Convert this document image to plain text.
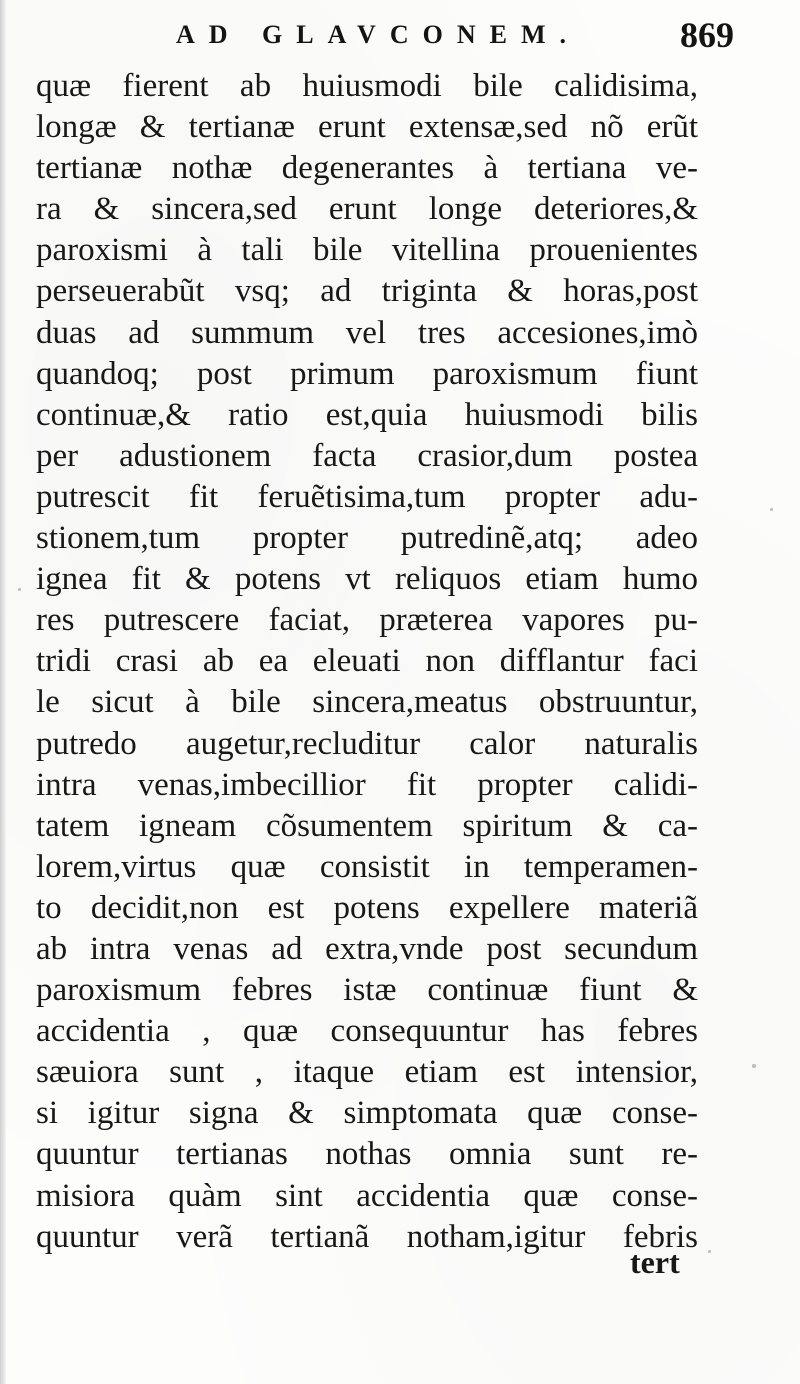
AD GLAVCONEM.	869
quæ fierent ab huiusmodi bile calidisima,
longæ & tertianæ erunt extensæ,sed nõ erũt
tertianæ nothæ degenerantes à tertiana ve-
ra & sincera,sed erunt longe deteriores,&
paroxismi à tali bile vitellina prouenientes
perseuerabũt vsq; ad triginta & horas,post
duas ad summum vel tres accesiones,imò
quandoq; post primum paroxismum fiunt
continuæ,& ratio est,quia huiusmodi bilis
per adustionem facta crasior,dum postea
putrescit fit feruẽtisima,tum propter adu-
stionem,tum propter putredinẽ,atq; adeo
ignea fit & potens vt reliquos etiam humo
res putrescere faciat, præterea vapores pu-
tridi crasi ab ea eleuati non difflantur faci
le sicut à bile sincera,meatus obstruuntur,
putredo augetur,recluditur calor naturalis
intra venas,imbecillior fit propter calidi-
tatem igneam cõsumentem spiritum & ca-
lorem,virtus quæ consistit in temperamen-
to decidit,non est potens expellere materiã
ab intra venas ad extra,vnde post secundum
paroxismum febres istæ continuæ fiunt &
accidentia , quæ consequuntur has febres
sæuiora sunt , itaque etiam est intensior,
si igitur signa & simptomata quæ conse-
quuntur tertianas nothas omnia sunt re-
misiora quàm sint accidentia quæ conse-
quuntur verã tertianã notham,igitur febris
tert
